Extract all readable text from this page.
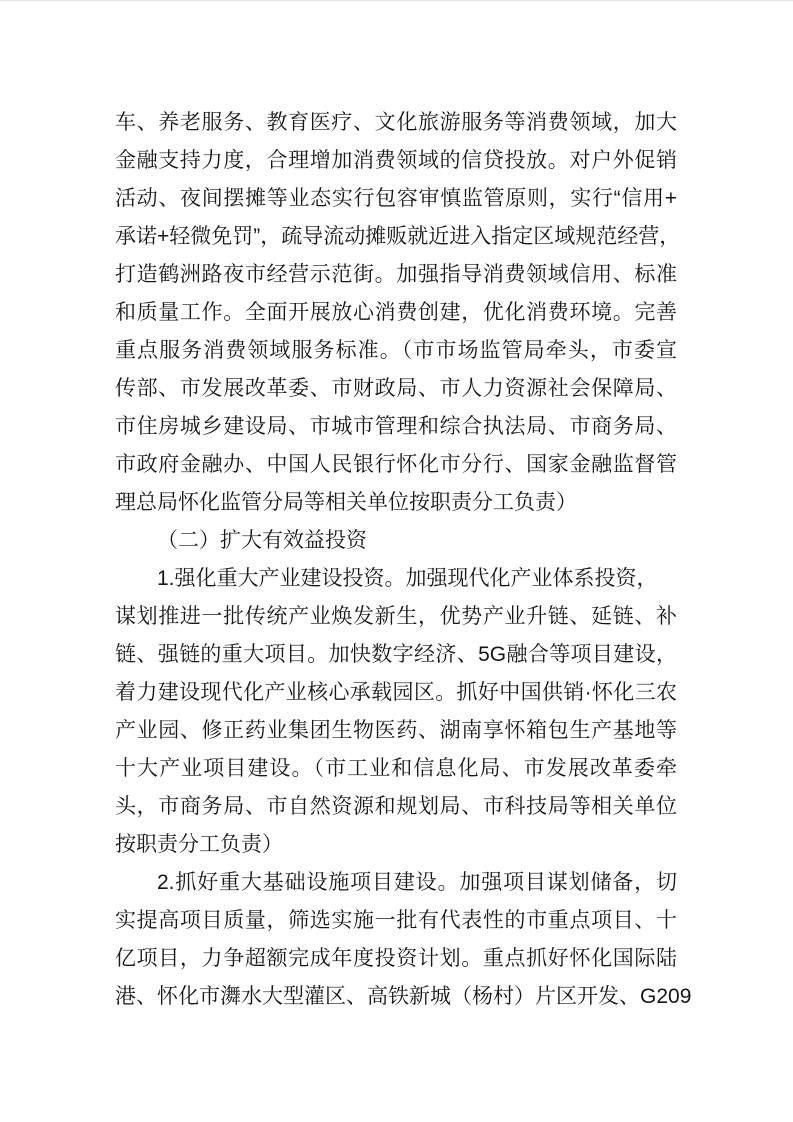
车、养老服务、教育医疗、文化旅游服务等消费领域，加大
金融支持力度，合理增加消费领域的信贷投放。对户外促销
活动、夜间摆摊等业态实行包容审慎监管原则，实行“信用+
承诺+轻微免罚”，疏导流动摊贩就近进入指定区域规范经营，
打造鹤洲路夜市经营示范街。加强指导消费领域信用、标准
和质量工作。全面开展放心消费创建，优化消费环境。完善
重点服务消费领域服务标准。（市市场监管局牵头，市委宣
传部、市发展改革委、市财政局、市人力资源社会保障局、
市住房城乡建设局、市城市管理和综合执法局、市商务局、
市政府金融办、中国人民银行怀化市分行、国家金融监督管
理总局怀化监管分局等相关单位按职责分工负责）
（二）扩大有效益投资
1.强化重大产业建设投资。加强现代化产业体系投资，
谋划推进一批传统产业焕发新生，优势产业升链、延链、补
链、强链的重大项目。加快数字经济、5G融合等项目建设，
着力建设现代化产业核心承载园区。抓好中国供销·怀化三农
产业园、修正药业集团生物医药、湖南享怀箱包生产基地等
十大产业项目建设。（市工业和信息化局、市发展改革委牵
头，市商务局、市自然资源和规划局、市科技局等相关单位
按职责分工负责）
2.抓好重大基础设施项目建设。加强项目谋划储备，切
实提高项目质量，筛选实施一批有代表性的市重点项目、十
亿项目，力争超额完成年度投资计划。重点抓好怀化国际陆
港、怀化市㵲水大型灌区、高铁新城（杨村）片区开发、G209
